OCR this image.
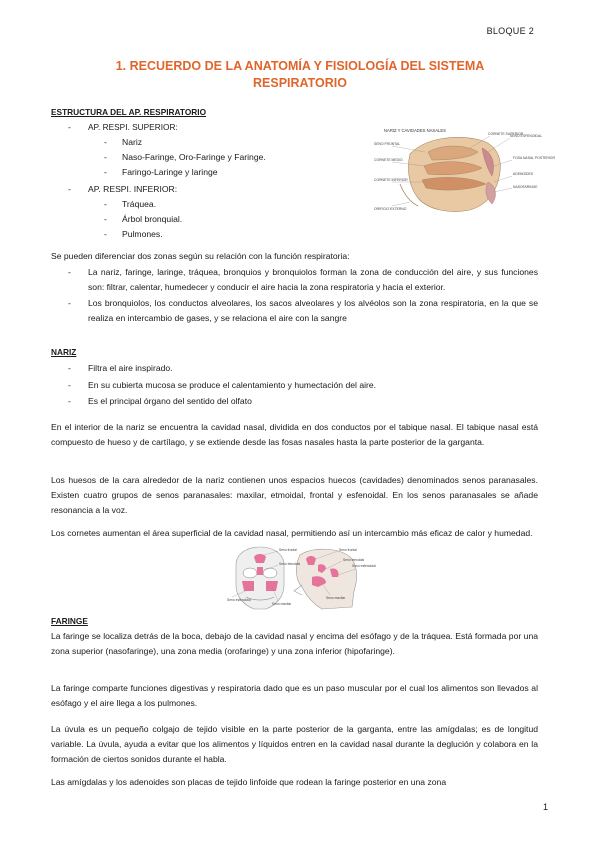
BLOQUE 2
1. RECUERDO DE LA ANATOMÍA Y FISIOLOGÍA DEL SISTEMA
RESPIRATORIO
ESTRUCTURA DEL AP. RESPIRATORIO
- AP. RESPI. SUPERIOR:
- Nariz
- Naso-Faringe, Oro-Faringe y Faringe.
- Faringo-Laringe y laringe
- AP. RESPI. INFERIOR:
- Tráquea.
- Árbol bronquial.
- Pulmones.
NARIZ Y CAVIDADES NASALES
CORNETE SUPERIOR
SENO ESFENOIDAL
SENO FRONTAL
CORNETE MEDIO	FOSA NASAL POSTERIOR
CORNETE INFERIOR
ADENOIDES
NASOFARINGE
ORIFICIO EXTERNO
Se pueden diferenciar dos zonas según su relación con la función respiratoria:
- La nariz, faringe, laringe, tráquea, bronquios y bronquiolos forman la zona de conducción del aire, y sus funciones son: filtrar, calentar, humedecer y conducir el aire hacia la zona respiratoria y hacia el exterior.
- Los bronquiolos, los conductos alveolares, los sacos alveolares y los alvéolos son la zona respiratoria, en la que se realiza en intercambio de gases, y se relaciona el aire con la sangre
NARIZ
- Filtra el aire inspirado.
- En su cubierta mucosa se produce el calentamiento y humectación del aire.
- Es el principal órgano del sentido del olfato
En el interior de la nariz se encuentra la cavidad nasal, dividida en dos conductos por el tabique nasal. El tabique nasal está compuesto de hueso y de cartílago, y se extiende desde las fosas nasales hasta la parte posterior de la garganta.
Los huesos de la cara alrededor de la nariz contienen unos espacios huecos (cavidades) denominados senos paranasales. Existen cuatro grupos de senos paranasales: maxilar, etmoidal, frontal y esfenoidal. En los senos paranasales se añade resonancia a la voz.
Los cornetes aumentan el área superficial de la cavidad nasal, permitiendo así un intercambio más eficaz de calor y humedad.
Seno frontal
Seno etmoidal
Seno esfenoidal
Seno maxilar
Seno frontal
Seno etmoidal
Seno esfenoidal
Seno maxilar
FARINGE
La faringe se localiza detrás de la boca, debajo de la cavidad nasal y encima del esófago y de la tráquea. Está formada por una zona superior (nasofaringe), una zona media (orofaringe) y una zona inferior (hipofaringe).
La faringe comparte funciones digestivas y respiratoria dado que es un paso muscular por el cual los alimentos son llevados al esófago y el aire llega a los pulmones.
La úvula es un pequeño colgajo de tejido visible en la parte posterior de la garganta, entre las amígdalas; es de longitud variable. La úvula, ayuda a evitar que los alimentos y líquidos entren en la cavidad nasal durante la deglución y colabora en la formación de ciertos sonidos durante el habla.
Las amígdalas y los adenoides son placas de tejido linfoide que rodean la faringe posterior en una zona
1
